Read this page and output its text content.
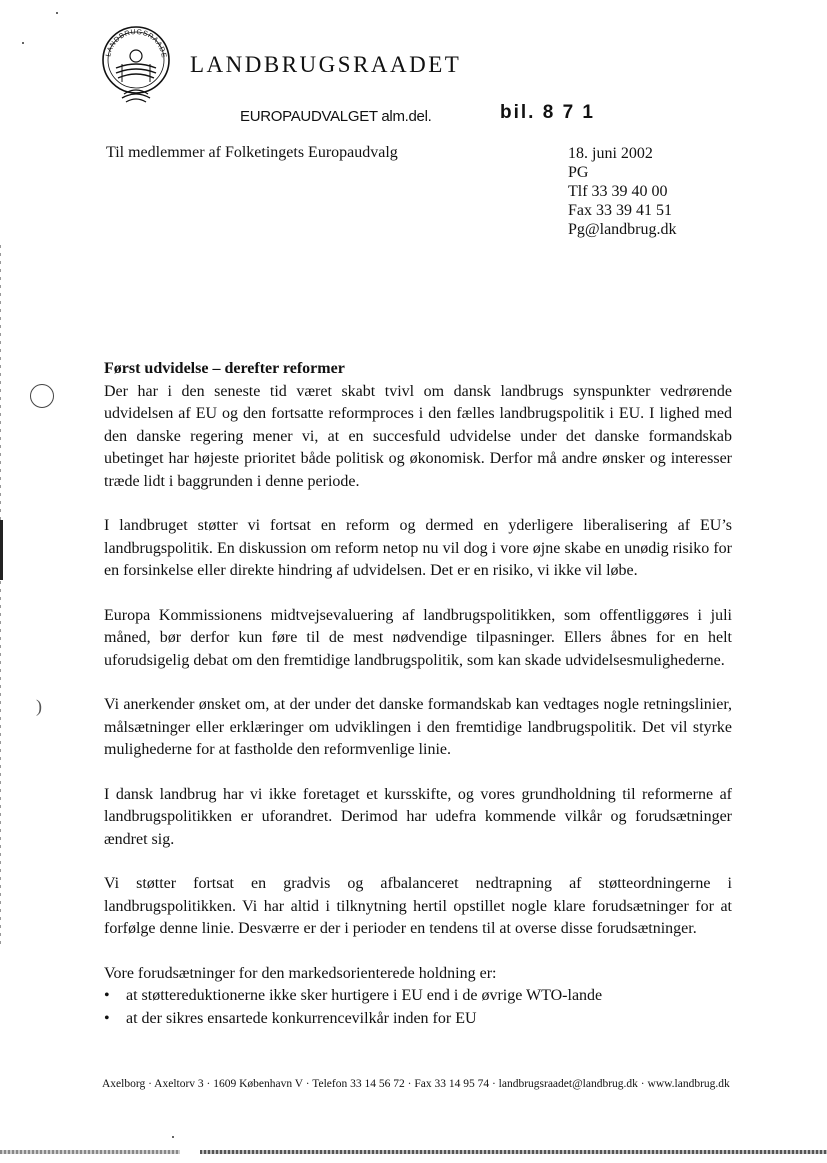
)
LANDBRUGSRAADE LANDBRUGSRAADET
EUROPAUDVALGET alm.del.	bil. 8 7 1
Til medlemmer af Folketingets Europaudvalg	18. juni 2002
PG
Tlf 33 39 40 00
Fax 33 39 41 51
Pg@landbrug.dk
Først udvidelse – derefter reformer

Der har i den seneste tid været skabt tvivl om dansk landbrugs synspunkter vedrørende udvidelsen af EU og den fortsatte reformproces i den fælles landbrugspolitik i EU. I lighed med den danske regering mener vi, at en succesfuld udvidelse under det danske formandskab ubetinget har højeste prioritet både politisk og økonomisk. Derfor må andre ønsker og interesser træde lidt i baggrunden i denne periode.

I landbruget støtter vi fortsat en reform og dermed en yderligere liberalisering af EU’s landbrugspolitik. En diskussion om reform netop nu vil dog i vore øjne skabe en unødig risiko for en forsinkelse eller direkte hindring af udvidelsen. Det er en risiko, vi ikke vil løbe.

Europa Kommissionens midtvejsevaluering af landbrugspolitikken, som offentliggøres i juli måned, bør derfor kun føre til de mest nødvendige tilpasninger. Ellers åbnes for en helt uforudsigelig debat om den fremtidige landbrugspolitik, som kan skade udvidelsesmulighederne.

Vi anerkender ønsket om, at der under det danske formandskab kan vedtages nogle retningslinier, målsætninger eller erklæringer om udviklingen i den fremtidige landbrugspolitik. Det vil styrke mulighederne for at fastholde den reformvenlige linie.

I dansk landbrug har vi ikke foretaget et kursskifte, og vores grundholdning til reformerne af landbrugspolitikken er uforandret. Derimod har udefra kommende vilkår og forudsætninger ændret sig.

Vi støtter fortsat en gradvis og afbalanceret nedtrapning af støtteordningerne i landbrugspolitikken. Vi har altid i tilknytning hertil opstillet nogle klare forudsætninger for at forfølge denne linie. Desværre er der i perioder en tendens til at overse disse forudsætninger.

Vore forudsætninger for den markedsorienterede holdning er:

• at støttereduktionerne ikke sker hurtigere i EU end i de øvrige WTO-lande
• at der sikres ensartede konkurrencevilkår inden for EU
Axelborg · Axeltorv 3 · 1609 København V · Telefon 33 14 56 72 · Fax 33 14 95 74 · landbrugsraadet@landbrug.dk · www.landbrug.dk
